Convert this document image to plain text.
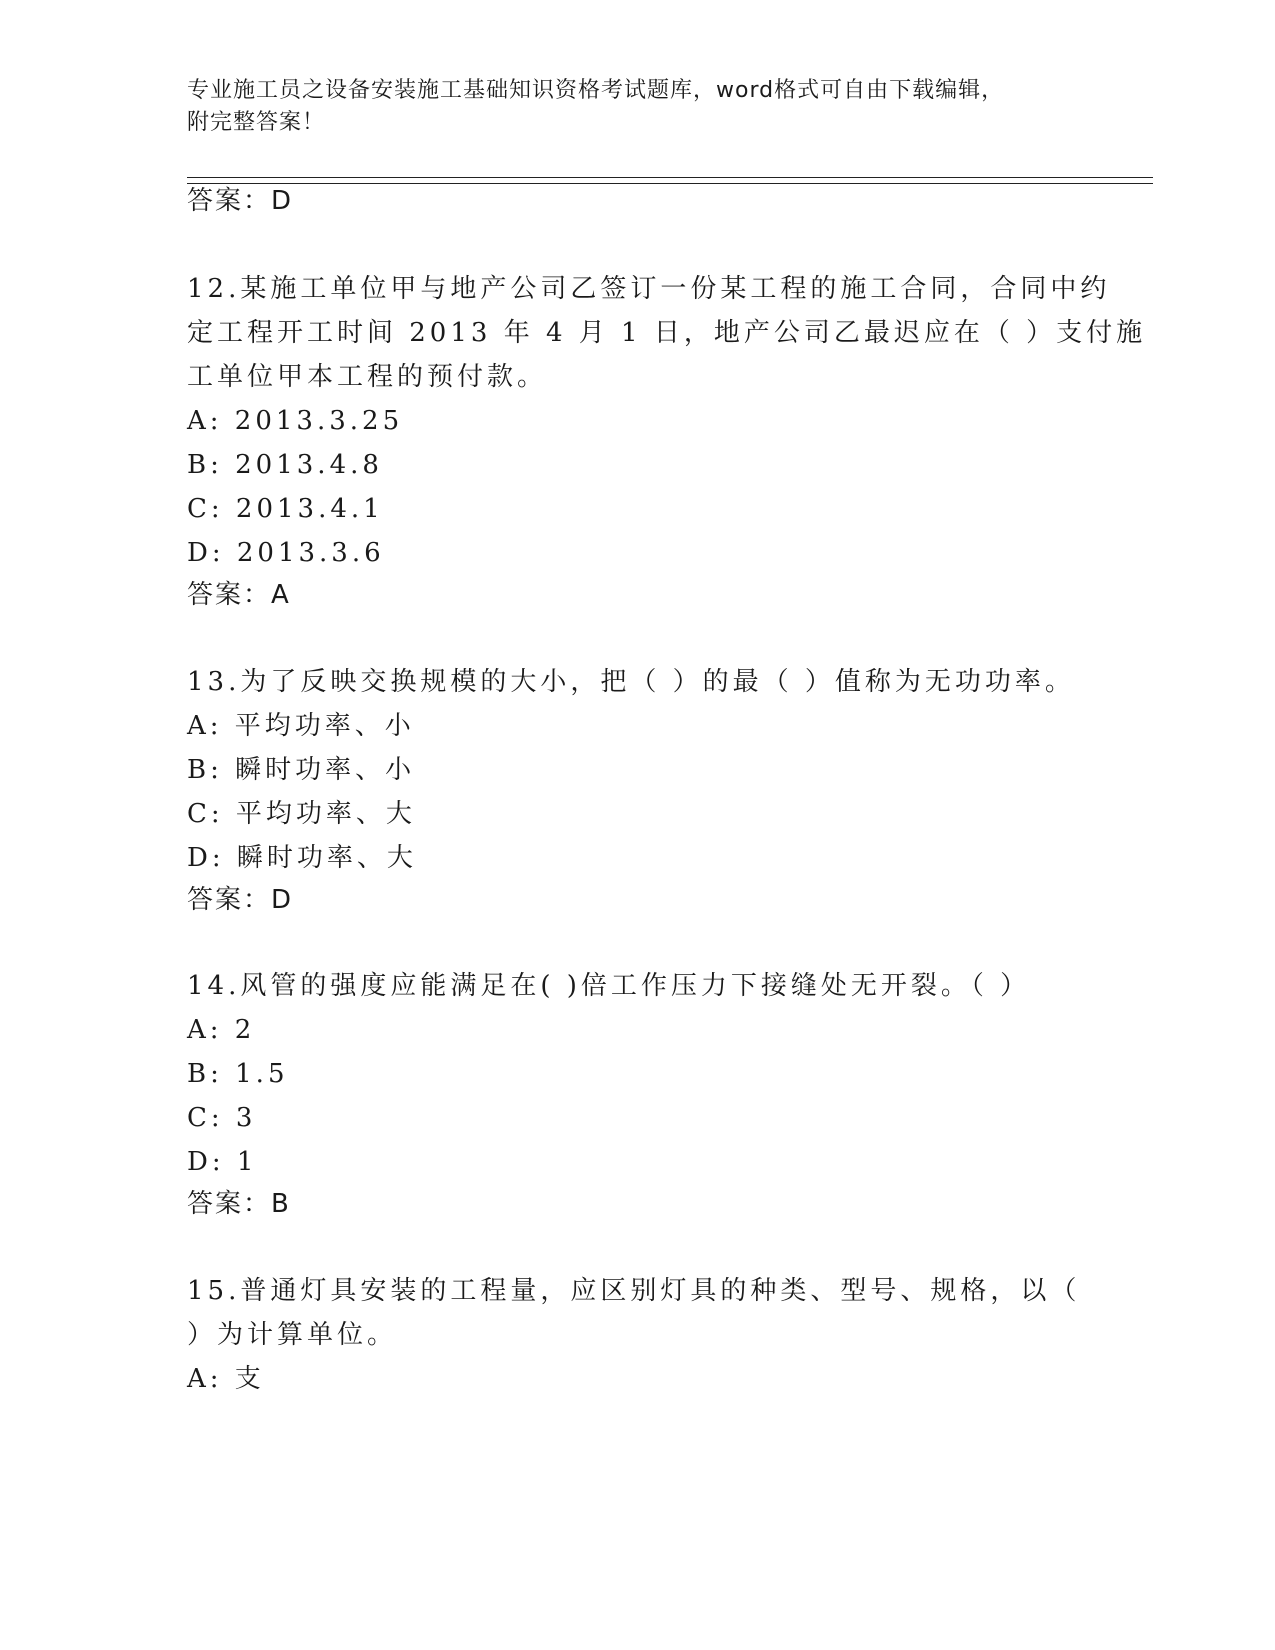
专业施工员之设备安装施工基础知识资格考试题库，word格式可自由下载编辑，
附完整答案！
答案：D
12.某施工单位甲与地产公司乙签订一份某工程的施工合同，合同中约
定工程开工时间 2013 年 4 月 1 日，地产公司乙最迟应在（ ）支付施
工单位甲本工程的预付款。
A: 2013.3.25
B: 2013.4.8
C: 2013.4.1
D: 2013.3.6
答案：A
13.为了反映交换规模的大小，把（ ）的最（ ）值称为无功功率。
A: 平均功率、小
B: 瞬时功率、小
C: 平均功率、大
D: 瞬时功率、大
答案：D
14.风管的强度应能满足在( )倍工作压力下接缝处无开裂。（ ）
A: 2
B: 1.5
C: 3
D: 1
答案：B
15.普通灯具安装的工程量，应区别灯具的种类、型号、规格，以（
）为计算单位。
A: 支
